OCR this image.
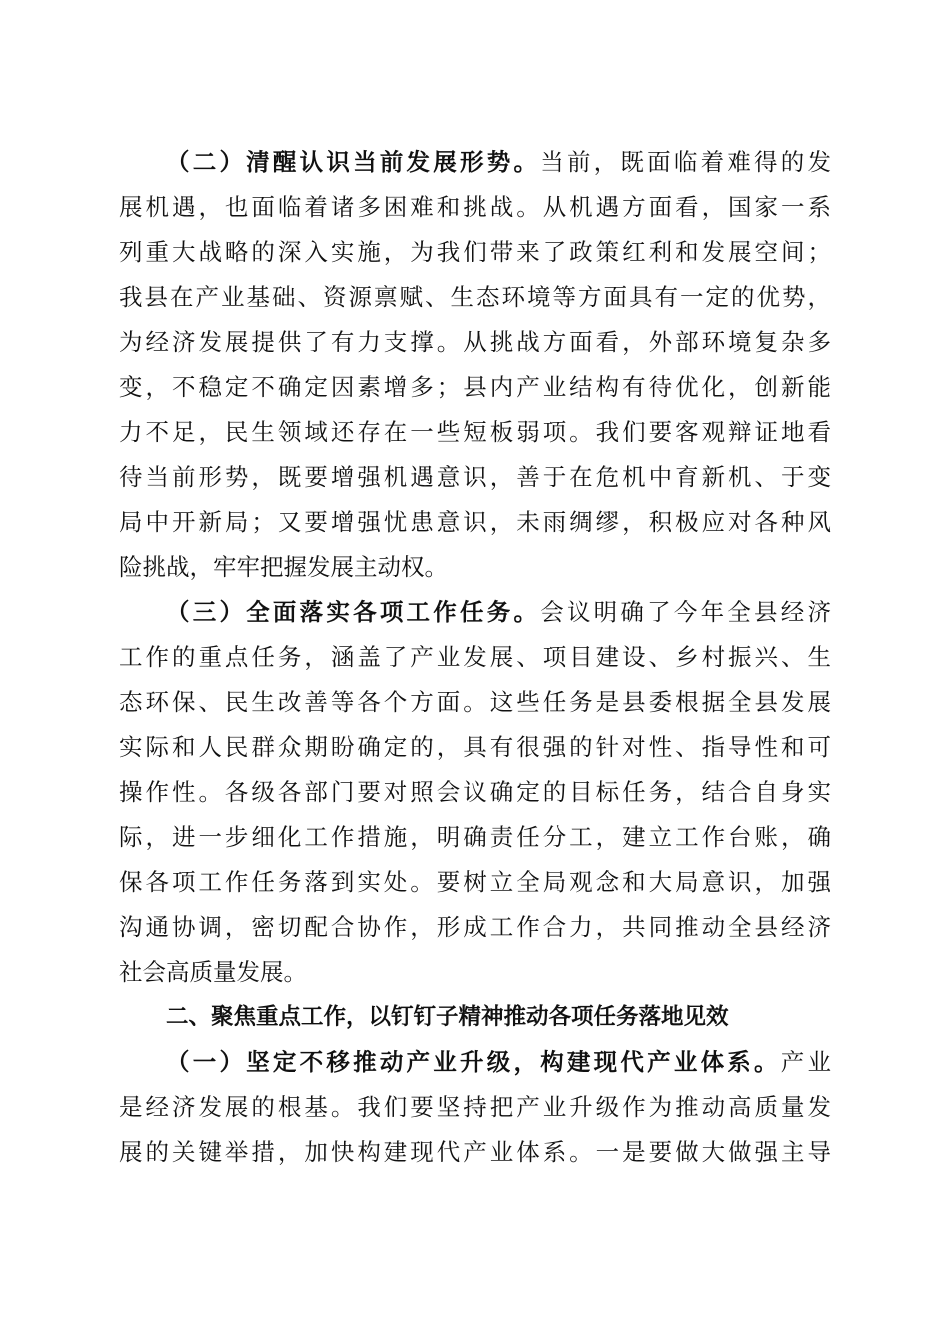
（二）清醒认识当前发展形势。当前，既面临着难得的发
展机遇，也面临着诸多困难和挑战。从机遇方面看，国家一系
列重大战略的深入实施，为我们带来了政策红利和发展空间；
我县在产业基础、资源禀赋、生态环境等方面具有一定的优势，
为经济发展提供了有力支撑。从挑战方面看，外部环境复杂多
变，不稳定不确定因素增多；县内产业结构有待优化，创新能
力不足，民生领域还存在一些短板弱项。我们要客观辩证地看
待当前形势，既要增强机遇意识，善于在危机中育新机、于变
局中开新局；又要增强忧患意识，未雨绸缪，积极应对各种风
险挑战，牢牢把握发展主动权。
（三）全面落实各项工作任务。会议明确了今年全县经济
工作的重点任务，涵盖了产业发展、项目建设、乡村振兴、生
态环保、民生改善等各个方面。这些任务是县委根据全县发展
实际和人民群众期盼确定的，具有很强的针对性、指导性和可
操作性。各级各部门要对照会议确定的目标任务，结合自身实
际，进一步细化工作措施，明确责任分工，建立工作台账，确
保各项工作任务落到实处。要树立全局观念和大局意识，加强
沟通协调，密切配合协作，形成工作合力，共同推动全县经济
社会高质量发展。
二、聚焦重点工作，以钉钉子精神推动各项任务落地见效
（一）坚定不移推动产业升级，构建现代产业体系。产业
是经济发展的根基。我们要坚持把产业升级作为推动高质量发
展的关键举措，加快构建现代产业体系。一是要做大做强主导
